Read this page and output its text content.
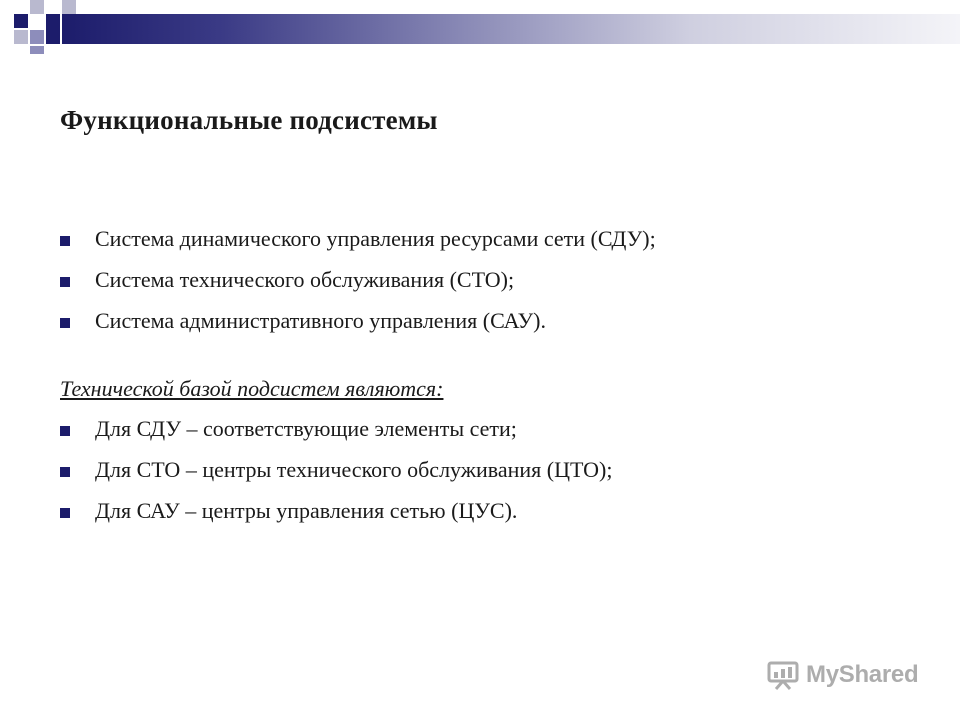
Функциональные подсистемы
Система динамического управления ресурсами сети (СДУ);
Система технического обслуживания (СТО);
Система административного управления (САУ).
Технической базой подсистем являются:
Для СДУ – соответствующие элементы сети;
Для СТО – центры технического обслуживания (ЦТО);
Для САУ – центры управления сетью (ЦУС).
MyShared
